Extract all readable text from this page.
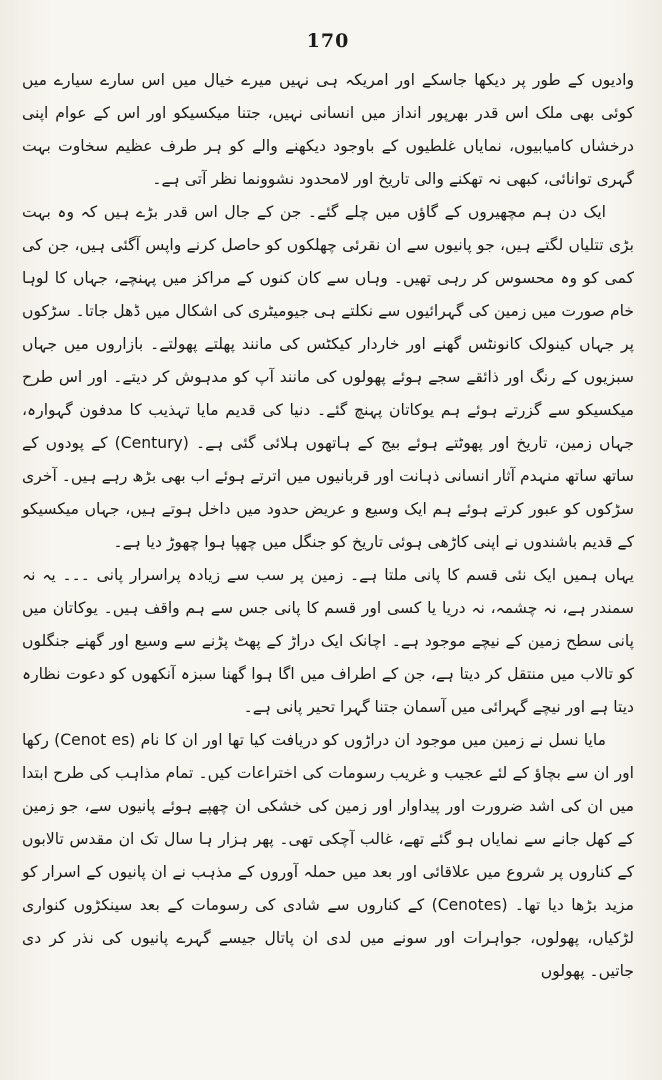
170

وادیوں کے طور پر دیکھا جاسکے اور امریکہ ہی نہیں میرے خیال میں اس سارے سیارے میں کوئی بھی ملک اس قدر بھرپور انداز میں انسانی نہیں، جتنا میکسیکو اور اس کے عوام اپنی درخشاں کامیابیوں، نمایاں غلطیوں کے باوجود دیکھنے والے کو ہر طرف عظیم سخاوت بہت گہری توانائی، کبھی نہ تھکنے والی تاریخ اور لامحدود نشوونما نظر آتی ہے۔

ایک دن ہم مچھیروں کے گاؤں میں چلے گئے۔ جن کے جال اس قدر بڑے ہیں کہ وہ بہت بڑی تتلیاں لگتے ہیں، جو پانیوں سے ان نقرئی چھلکوں کو حاصل کرنے واپس آگئی ہیں، جن کی کمی کو وہ محسوس کر رہی تھیں۔ وہاں سے کان کنوں کے مراکز میں پہنچے، جہاں کا لوہا خام صورت میں زمین کی گہرائیوں سے نکلتے ہی جیومیٹری کی اشکال میں ڈھل جاتا۔ سڑکوں پر جہاں کینولک کانونٹس گھنے اور خاردار کیکٹس کی مانند پھلتے پھولتے۔ بازاروں میں جہاں سبزیوں کے رنگ اور ذائقے سجے ہوئے پھولوں کی مانند آپ کو مدہوش کر دیتے۔ اور اس طرح میکسیکو سے گزرتے ہوئے ہم یوکاتان پہنچ گئے۔ دنیا کی قدیم مایا تہذیب کا مدفون گہوارہ، جہاں زمین، تاریخ اور پھوٹتے ہوئے بیج کے ہاتھوں ہلائی گئی ہے۔ (Century) کے پودوں کے ساتھ ساتھ منہدم آثار انسانی ذہانت اور قربانیوں میں اترتے ہوئے اب بھی بڑھ رہے ہیں۔ آخری سڑکوں کو عبور کرتے ہوئے ہم ایک وسیع و عریض حدود میں داخل ہوتے ہیں، جہاں میکسیکو کے قدیم باشندوں نے اپنی کاڑھی ہوئی تاریخ کو جنگل میں چھپا ہوا چھوڑ دیا ہے۔

یہاں ہمیں ایک نئی قسم کا پانی ملتا ہے۔ زمین پر سب سے زیادہ پراسرار پانی ۔۔۔ یہ نہ سمندر ہے، نہ چشمہ، نہ دریا یا کسی اور قسم کا پانی جس سے ہم واقف ہیں۔ یوکاتان میں پانی سطح زمین کے نیچے موجود ہے۔ اچانک ایک دراڑ کے پھٹ پڑنے سے وسیع اور گھنے جنگلوں کو تالاب میں منتقل کر دیتا ہے، جن کے اطراف میں اگا ہوا گھنا سبزہ آنکھوں کو دعوت نظارہ دیتا ہے اور نیچے گہرائی میں آسمان جتنا گہرا تحیر پانی ہے۔

مایا نسل نے زمین میں موجود ان دراڑوں کو دریافت کیا تھا اور ان کا نام (Cenot es) رکھا اور ان سے بچاؤ کے لئے عجیب و غریب رسومات کی اختراعات کیں۔ تمام مذاہب کی طرح ابتدا میں ان کی اشد ضرورت اور پیداوار اور زمین کی خشکی ان چھپے ہوئے پانیوں سے، جو زمین کے کھل جانے سے نمایاں ہو گئے تھے، غالب آچکی تھی۔ پھر ہزار ہا سال تک ان مقدس تالابوں کے کناروں پر شروع میں علاقائی اور بعد میں حملہ آوروں کے مذہب نے ان پانیوں کے اسرار کو مزید بڑھا دیا تھا۔ (Cenotes) کے کناروں سے شادی کی رسومات کے بعد سینکڑوں کنواری لڑکیاں، پھولوں، جواہرات اور سونے میں لدی ان پاتال جیسے گہرے پانیوں کی نذر کر دی جاتیں۔ پھولوں
